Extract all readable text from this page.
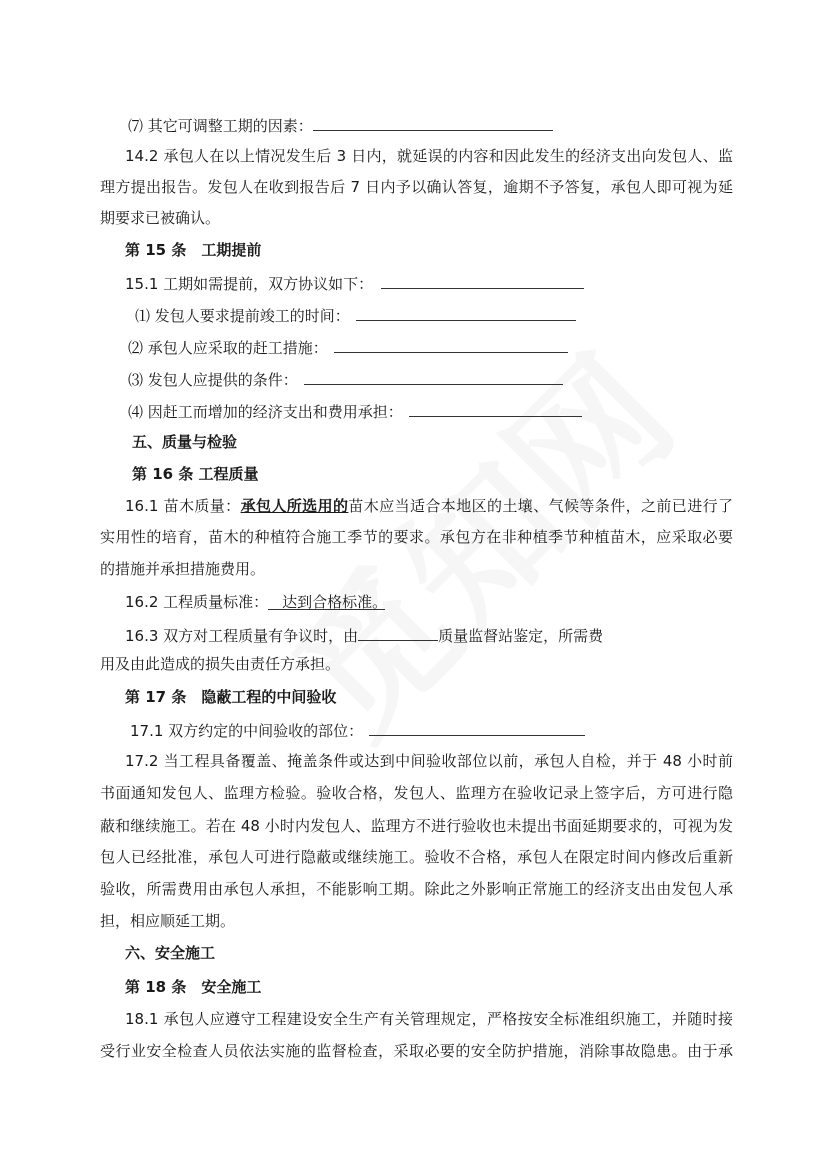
⑺ 其它可调整工期的因素：
14.2 承包人在以上情况发生后 3 日内，就延误的内容和因此发生的经济支出向发包人、监
理方提出报告。发包人在收到报告后 7 日内予以确认答复，逾期不予答复，承包人即可视为延
期要求已被确认。
第 15 条　工期提前
15.1 工期如需提前，双方协议如下：
⑴ 发包人要求提前竣工的时间：
⑵ 承包人应采取的赶工措施：
⑶ 发包人应提供的条件：
⑷ 因赶工而增加的经济支出和费用承担：
五、质量与检验
第 16 条 工程质量
16.1 苗木质量：承包人所选用的苗木应当适合本地区的土壤、气候等条件，之前已进行了
实用性的培育，苗木的种植符合施工季节的要求。承包方在非种植季节种植苗木，应采取必要
的措施并承担措施费用。
16.2 工程质量标准： 达到合格标准。
16.3 双方对工程质量有争议时，由	质量监督站鉴定，所需费
用及由此造成的损失由责任方承担。
第 17 条　隐蔽工程的中间验收
17.1 双方约定的中间验收的部位：
17.2 当工程具备覆盖、掩盖条件或达到中间验收部位以前，承包人自检，并于 48 小时前
书面通知发包人、监理方检验。验收合格，发包人、监理方在验收记录上签字后，方可进行隐
蔽和继续施工。若在 48 小时内发包人、监理方不进行验收也未提出书面延期要求的，可视为发
包人已经批准，承包人可进行隐蔽或继续施工。验收不合格，承包人在限定时间内修改后重新
验收，所需费用由承包人承担，不能影响工期。除此之外影响正常施工的经济支出由发包人承
担，相应顺延工期。
六、安全施工
第 18 条　安全施工
18.1 承包人应遵守工程建设安全生产有关管理规定，严格按安全标准组织施工，并随时接
受行业安全检查人员依法实施的监督检查，采取必要的安全防护措施，消除事故隐患。由于承
